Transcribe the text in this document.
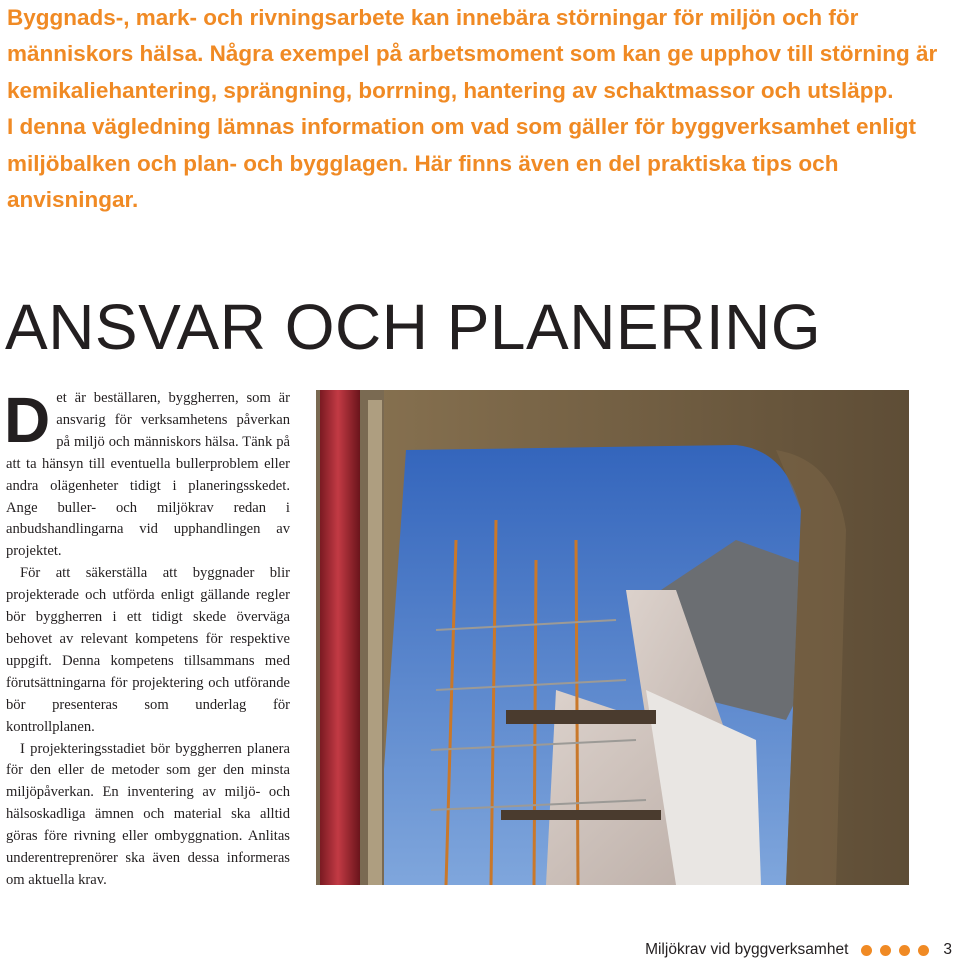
Byggnads-, mark- och rivningsarbete kan innebära störningar för miljön och för människors hälsa. Några exempel på arbetsmoment som kan ge upphov till störning är kemikaliehantering, sprängning, borrning, hantering av schaktmassor och utsläpp.

I denna vägledning lämnas information om vad som gäller för byggverksamhet enligt miljöbalken och plan- och bygglagen. Här finns även en del praktiska tips och anvisningar.

ANSVAR OCH PLANERING

Det är beställaren, byggherren, som är ansvarig för verksamhetens påverkan på miljö och människors hälsa. Tänk på att ta hänsyn till eventuella bullerproblem eller andra olägenheter tidigt i planeringsskedet. Ange buller- och miljökrav redan i anbudshandlingarna vid upphandlingen av projektet.

För att säkerställa att byggnader blir projekterade och utförda enligt gällande regler bör byggherren i ett tidigt skede överväga behovet av relevant kompetens för respektive uppgift. Denna kompetens tillsammans med förutsättningarna för projektering och utförande bör presenteras som underlag för kontrollplanen.

I projekteringsstadiet bör byggherren planera för den eller de metoder som ger den minsta miljöpåverkan. En inventering av miljö- och hälsoskadliga ämnen och material ska alltid göras före rivning eller ombyggnation. Anlitas underentreprenörer ska även dessa informeras om aktuella krav.

Miljökrav vid byggverksamhet	3
